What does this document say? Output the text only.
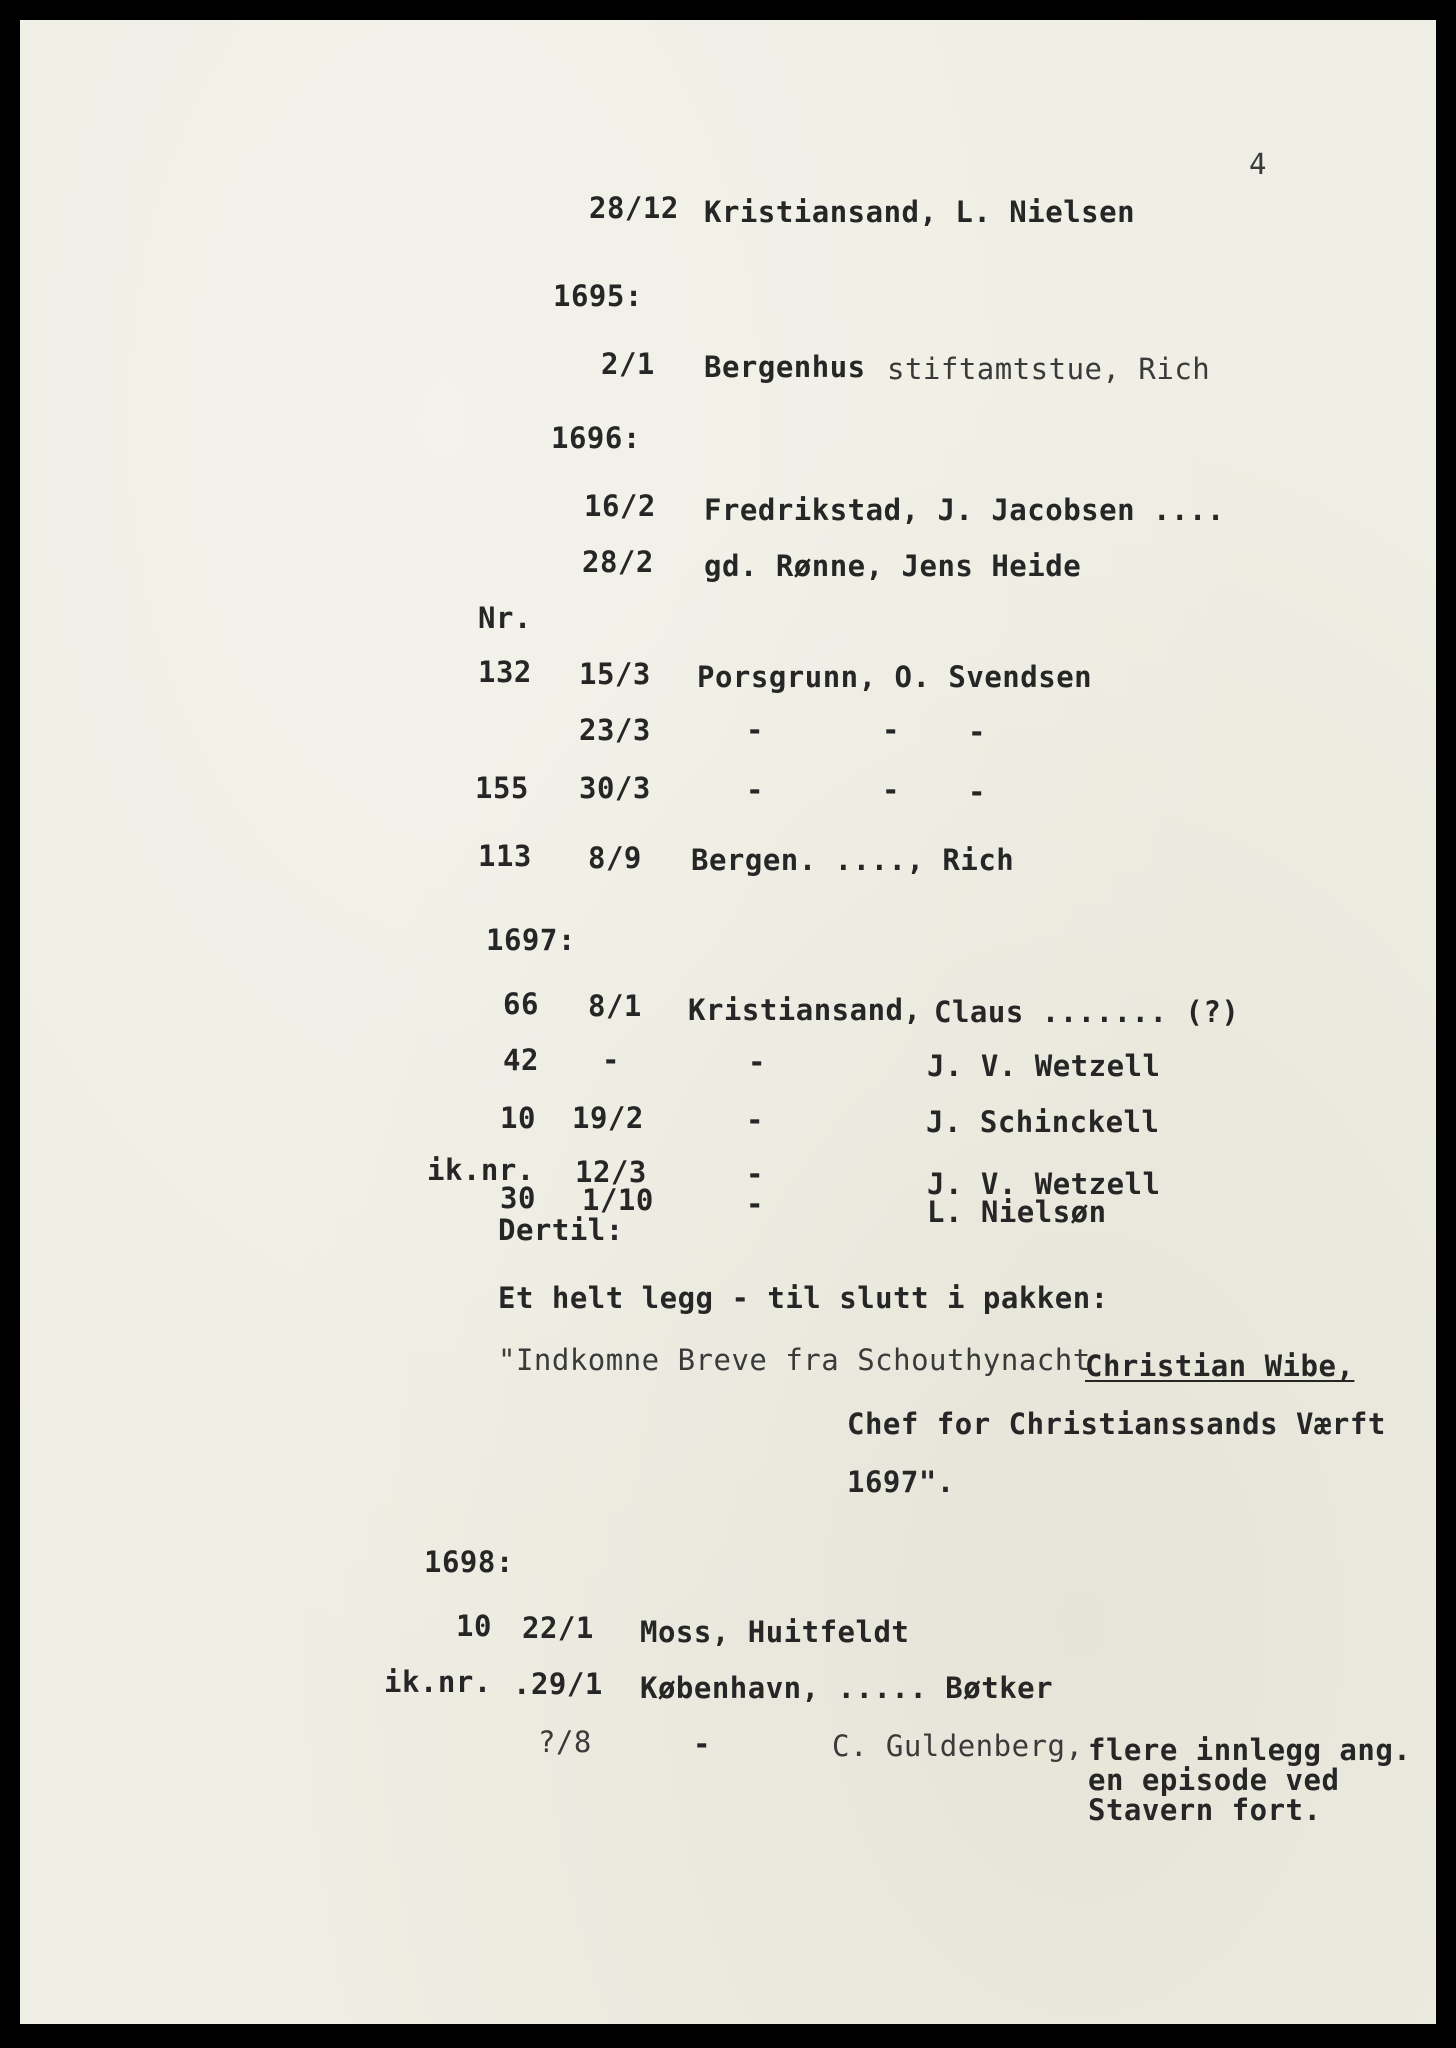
4
28/12 Kristiansand, L. Nielsen
1695:
2/1 Bergenhus stiftamtstue, Rich
1696:
16/2 Fredrikstad, J. Jacobsen ....
28/2 gd. Rønne, Jens Heide
Nr.
132 15/3 Porsgrunn, O. Svendsen
23/3	-	- -
155 30/3	-	- -
113 8/9 Bergen. ...., Rich
1697:
66 8/1 Kristiansand, Claus ....... (?)
42 -	-	J. V. Wetzell
10 19/2	-	J. Schinckell
ik.nr. 12/3	-	J. V. Wetzell
30 1/10	-	L. Nielsøn
Dertil:
Et helt legg - til slutt i pakken:
"Indkomne Breve fra Schouthynacht
Christian Wibe,
Chef for Christianssands Værft
1697".
1698:
10 22/1 Moss, Huitfeldt
ik.nr. .29/1 København, ..... Bøtker
?/8	-	C. Guldenberg, flere innlegg ang.
en episode ved
Stavern fort.
